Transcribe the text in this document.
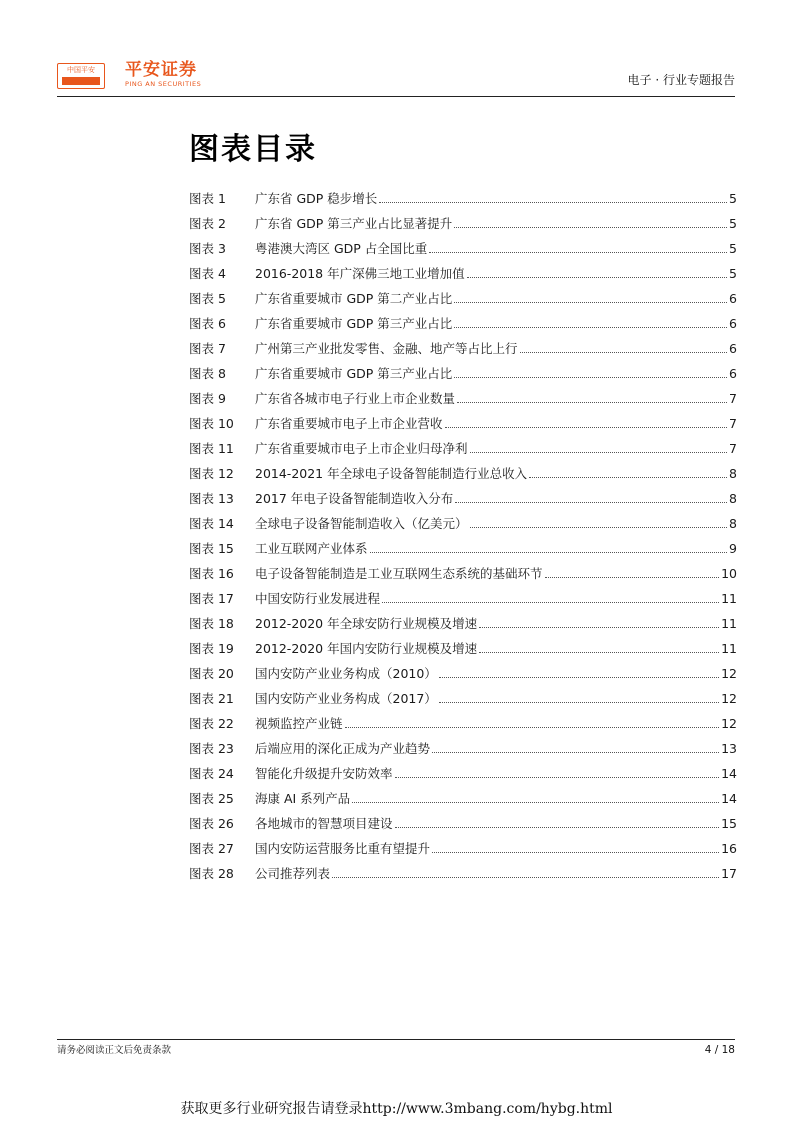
中国平安	平安证券
PING AN SECURITIES	电子 · 行业专题报告
图表目录
图表 1	广东省 GDP 稳步增长	5
图表 2	广东省 GDP 第三产业占比显著提升	5
图表 3	粤港澳大湾区 GDP 占全国比重	5
图表 4	2016-2018 年广深佛三地工业增加值	5
图表 5	广东省重要城市 GDP 第二产业占比	6
图表 6	广东省重要城市 GDP 第三产业占比	6
图表 7	广州第三产业批发零售、金融、地产等占比上行	6
图表 8	广东省重要城市 GDP 第三产业占比	6
图表 9	广东省各城市电子行业上市企业数量	7
图表 10	广东省重要城市电子上市企业营收	7
图表 11	广东省重要城市电子上市企业归母净利	7
图表 12	2014-2021 年全球电子设备智能制造行业总收入	8
图表 13	2017 年电子设备智能制造收入分布	8
图表 14	全球电子设备智能制造收入（亿美元）	8
图表 15	工业互联网产业体系	9
图表 16	电子设备智能制造是工业互联网生态系统的基础环节	10
图表 17	中国安防行业发展进程	11
图表 18	2012-2020 年全球安防行业规模及增速	11
图表 19	2012-2020 年国内安防行业规模及增速	11
图表 20	国内安防产业业务构成（2010）	12
图表 21	国内安防产业业务构成（2017）	12
图表 22	视频监控产业链	12
图表 23	后端应用的深化正成为产业趋势	13
图表 24	智能化升级提升安防效率	14
图表 25	海康 AI 系列产品	14
图表 26	各地城市的智慧项目建设	15
图表 27	国内安防运营服务比重有望提升	16
图表 28	公司推荐列表	17
请务必阅读正文后免责条款	4 / 18
获取更多行业研究报告请登录http://www.3mbang.com/hybg.html
